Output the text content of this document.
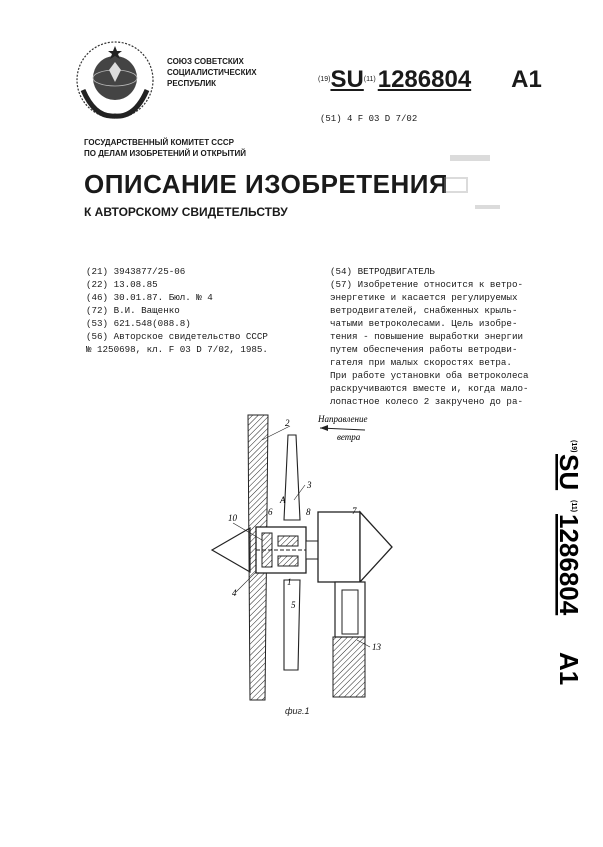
СОЮЗ СОВЕТСКИХ
СОЦИАЛИСТИЧЕСКИХ
РЕСПУБЛИК	$^{(19)}$SU$^{(11)}$1286804 A1
(51) 4 F 03 D 7/02
ГОСУДАРСТВЕННЫЙ КОМИТЕТ СССР
ПО ДЕЛАМ ИЗОБРЕТЕНИЙ И ОТКРЫТИЙ
ОПИСАНИЕ ИЗОБРЕТЕНИЯ
К АВТОРСКОМУ СВИДЕТЕЛЬСТВУ
(21) 3943877/25-06
(22) 13.08.85
(46) 30.01.87. Бюл. № 4
(72) В.И. Ващенко
(53) 621.548(088.8)
(56) Авторское свидетельство СССР
№ 1250698, кл. F 03 D 7/02, 1985.
(54) ВЕТРОДВИГАТЕЛЬ
(57) Изобретение относится к ветро-
энергетике и касается регулируемых
ветродвигателей, снабженных крыль-
чатыми ветроколесами. Цель изобре-
тения - повышение выработки энергии
путем обеспечения работы ветродви-
гателя при малых скоростях ветра.
При работе установки оба ветроколеса
раскручиваются вместе и, когда мало-
лопастное колесо 2 закручено до ра-
Направление
ветра
2
3
A
6	8	7
10
1
5
4
13
фиг.1
(19)
SU
(11)
1286804
A1
